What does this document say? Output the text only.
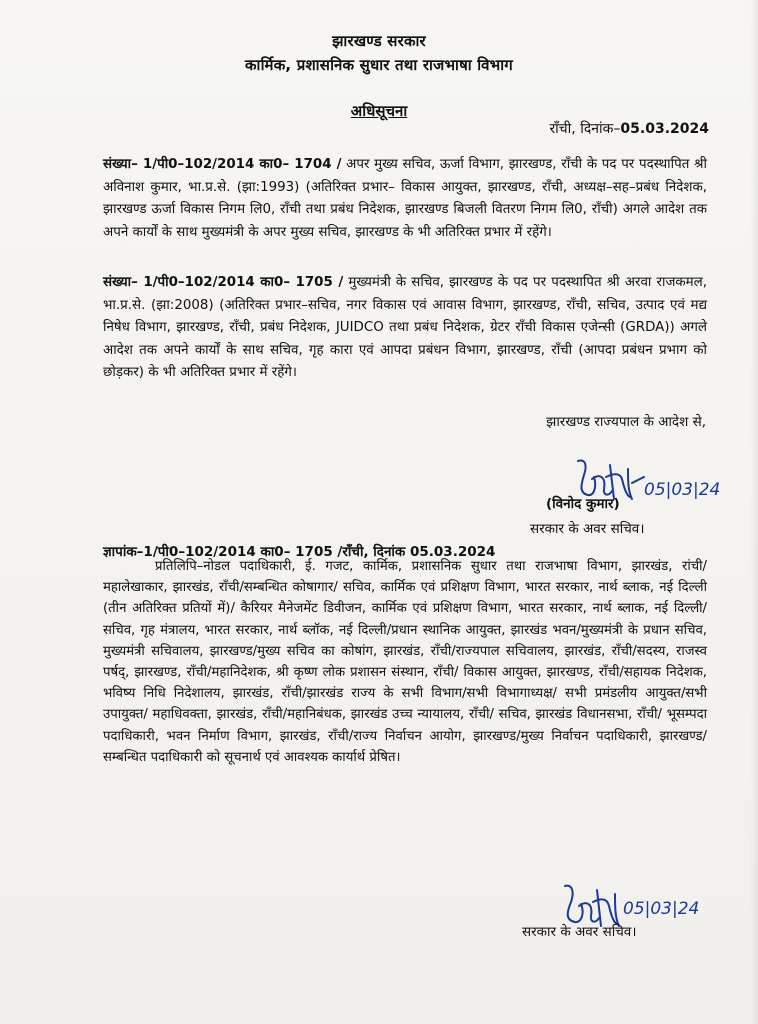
झारखण्ड सरकार
कार्मिक, प्रशासनिक सुधार तथा राजभाषा विभाग
अधिसूचना
राँची, दिनांक–05.03.2024
संख्या– 1/पी0–102/2014 का0– 1704 / अपर मुख्य सचिव, ऊर्जा विभाग, झारखण्ड, राँची के पद पर पदस्थापित श्री अविनाश कुमार, भा.प्र.से. (झा:1993) (अतिरिक्त प्रभार– विकास आयुक्त, झारखण्ड, राँची, अध्यक्ष–सह–प्रबंध निदेशक, झारखण्ड ऊर्जा विकास निगम लि0, राँची तथा प्रबंध निदेशक, झारखण्ड बिजली वितरण निगम लि0, राँची) अगले आदेश तक अपने कार्यों के साथ मुख्यमंत्री के अपर मुख्य सचिव, झारखण्ड के भी अतिरिक्त प्रभार में रहेंगे।
संख्या– 1/पी0–102/2014 का0– 1705 / मुख्यमंत्री के सचिव, झारखण्ड के पद पर पदस्थापित श्री अरवा राजकमल, भा.प्र.से. (झा:2008) (अतिरिक्त प्रभार–सचिव, नगर विकास एवं आवास विभाग, झारखण्ड, राँची, सचिव, उत्पाद एवं मद्य निषेध विभाग, झारखण्ड, राँची, प्रबंध निदेशक, JUIDCO तथा प्रबंध निदेशक, ग्रेटर राँची विकास एजेन्सी (GRDA)) अगले आदेश तक अपने कार्यों के साथ सचिव, गृह कारा एवं आपदा प्रबंधन विभाग, झारखण्ड, राँची (आपदा प्रबंधन प्रभाग को छोड़कर) के भी अतिरिक्त प्रभार में रहेंगे।
झारखण्ड राज्यपाल के आदेश से,
05|03|24
(विनोद कुमार)
सरकार के अवर सचिव।
ज्ञापांक–1/पी0–102/2014 का0– 1705 /राँची, दिनांक 05.03.2024
प्रतिलिपि–नोडल पदाधिकारी, ई. गजट, कार्मिक, प्रशासनिक सुधार तथा राजभाषा विभाग, झारखंड, रांची/महालेखाकार, झारखंड, राँची/सम्बन्धित कोषागार/ सचिव, कार्मिक एवं प्रशिक्षण विभाग, भारत सरकार, नार्थ ब्लाक, नई दिल्ली (तीन अतिरिक्त प्रतियों में)/ कैरियर मैनेजमेंट डिवीजन, कार्मिक एवं प्रशिक्षण विभाग, भारत सरकार, नार्थ ब्लाक, नई दिल्ली/सचिव, गृह मंत्रालय, भारत सरकार, नार्थ ब्लॉक, नई दिल्ली/प्रधान स्थानिक आयुक्त, झारखंड भवन/मुख्यमंत्री के प्रधान सचिव, मुख्यमंत्री सचिवालय, झारखण्ड/मुख्य सचिव का कोषांग, झारखंड, राँची/राज्यपाल सचिवालय, झारखंड, राँची/सदस्य, राजस्व पर्षद्, झारखण्ड, राँची/महानिदेशक, श्री कृष्ण लोक प्रशासन संस्थान, राँची/ विकास आयुक्त, झारखण्ड, राँची/सहायक निदेशक, भविष्य निधि निदेशालय, झारखंड, राँची/झारखंड राज्य के सभी विभाग/सभी विभागाध्यक्ष/ सभी प्रमंडलीय आयुक्त/सभी उपायुक्त/ महाधिवक्ता, झारखंड, राँची/महानिबंधक, झारखंड उच्च न्यायालय, राँची/ सचिव, झारखंड विधानसभा, राँची/ भूसम्पदा पदाधिकारी, भवन निर्माण विभाग, झारखंड, राँची/राज्य निर्वाचन आयोग, झारखण्ड/मुख्य निर्वाचन पदाधिकारी, झारखण्ड/सम्बन्धित पदाधिकारी को सूचनार्थ एवं आवश्यक कार्यार्थ प्रेषित।
05|03|24
सरकार के अवर सचिव।
